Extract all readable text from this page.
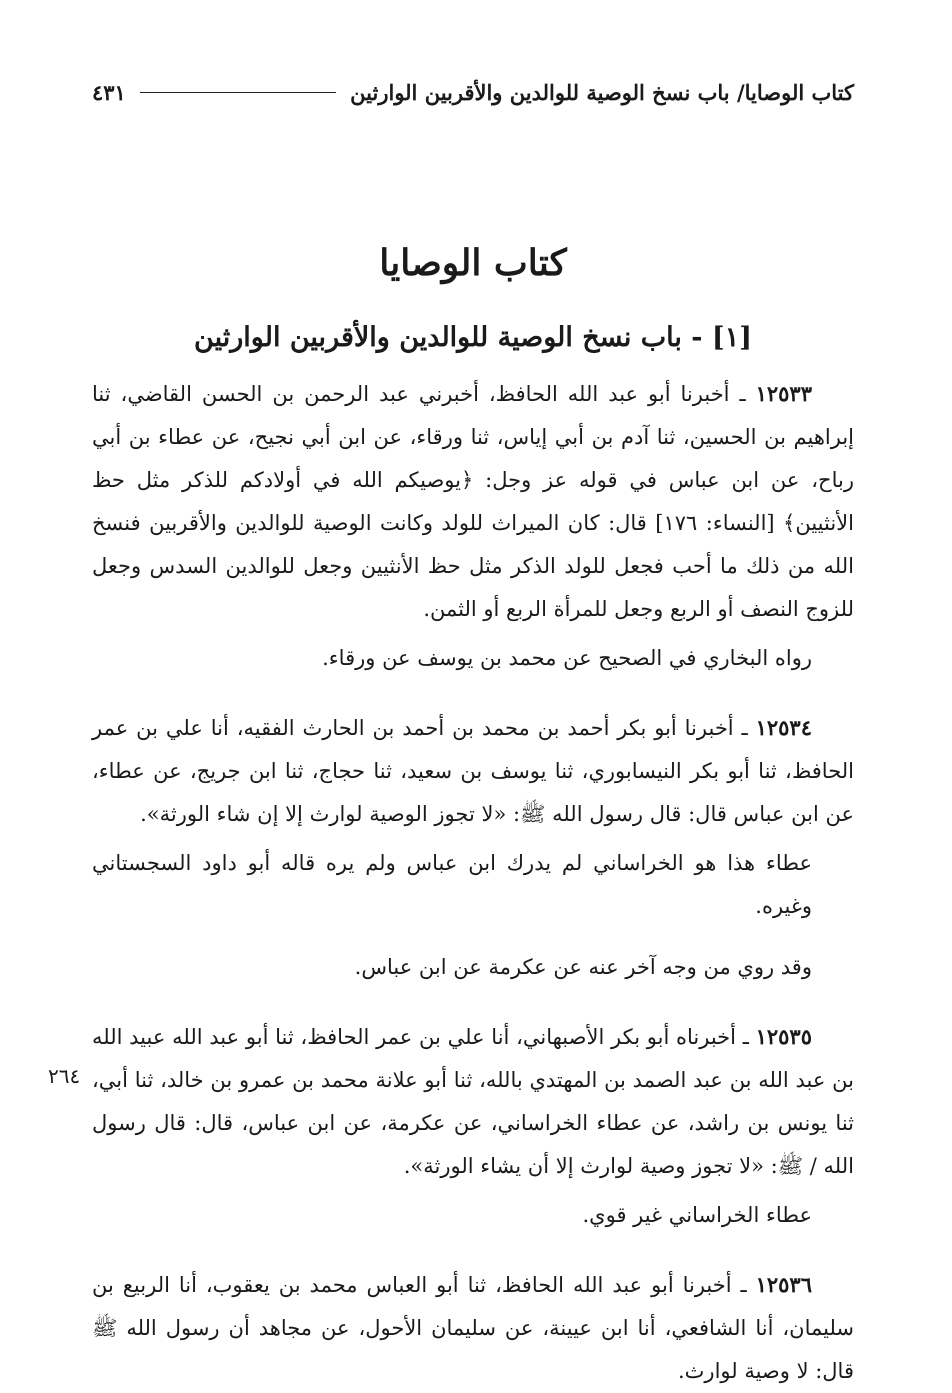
كتاب الوصايا/ باب نسخ الوصية للوالدين والأقربين الوارثين
٤٣١
كتاب الوصايا
[١] - باب نسخ الوصية للوالدين والأقربين الوارثين

١٢٥٣٣ ـ أخبرنا أبو عبد الله الحافظ، أخبرني عبد الرحمن بن الحسن القاضي، ثنا إبراهيم بن الحسين، ثنا آدم بن أبي إياس، ثنا ورقاء، عن ابن أبي نجيح، عن عطاء بن أبي رباح، عن ابن عباس في قوله عز وجل: ﴿يوصيكم الله في أولادكم للذكر مثل حظ الأنثيين﴾ [النساء: ١٧٦] قال: كان الميراث للولد وكانت الوصية للوالدين والأقربين فنسخ الله من ذلك ما أحب فجعل للولد الذكر مثل حظ الأنثيين وجعل للوالدين السدس وجعل للزوج النصف أو الربع وجعل للمرأة الربع أو الثمن.

رواه البخاري في الصحيح عن محمد بن يوسف عن ورقاء.

١٢٥٣٤ ـ أخبرنا أبو بكر أحمد بن محمد بن أحمد بن الحارث الفقيه، أنا علي بن عمر الحافظ، ثنا أبو بكر النيسابوري، ثنا يوسف بن سعيد، ثنا حجاج، ثنا ابن جريج، عن عطاء، عن ابن عباس قال: قال رسول الله ﷺ: «لا تجوز الوصية لوارث إلا إن شاء الورثة».

عطاء هذا هو الخراساني لم يدرك ابن عباس ولم يره قاله أبو داود السجستاني وغيره.

وقد روي من وجه آخر عنه عن عكرمة عن ابن عباس.

١٢٥٣٥ ـ أخبرناه أبو بكر الأصبهاني، أنا علي بن عمر الحافظ، ثنا أبو عبد الله عبيد الله بن عبد الله بن عبد الصمد بن المهتدي بالله، ثنا أبو علانة محمد بن عمرو بن خالد، ثنا أبي، ثنا يونس بن راشد، عن عطاء الخراساني، عن عكرمة، عن ابن عباس، قال: قال رسول الله / ﷺ: «لا تجوز وصية لوارث إلا أن يشاء الورثة».

عطاء الخراساني غير قوي.

١٢٥٣٦ ـ أخبرنا أبو عبد الله الحافظ، ثنا أبو العباس محمد بن يعقوب، أنا الربيع بن سليمان، أنا الشافعي، أنا ابن عيينة، عن سليمان الأحول، عن مجاهد أن رسول الله ﷺ قال: لا وصية لوارث.

٢٦٤
